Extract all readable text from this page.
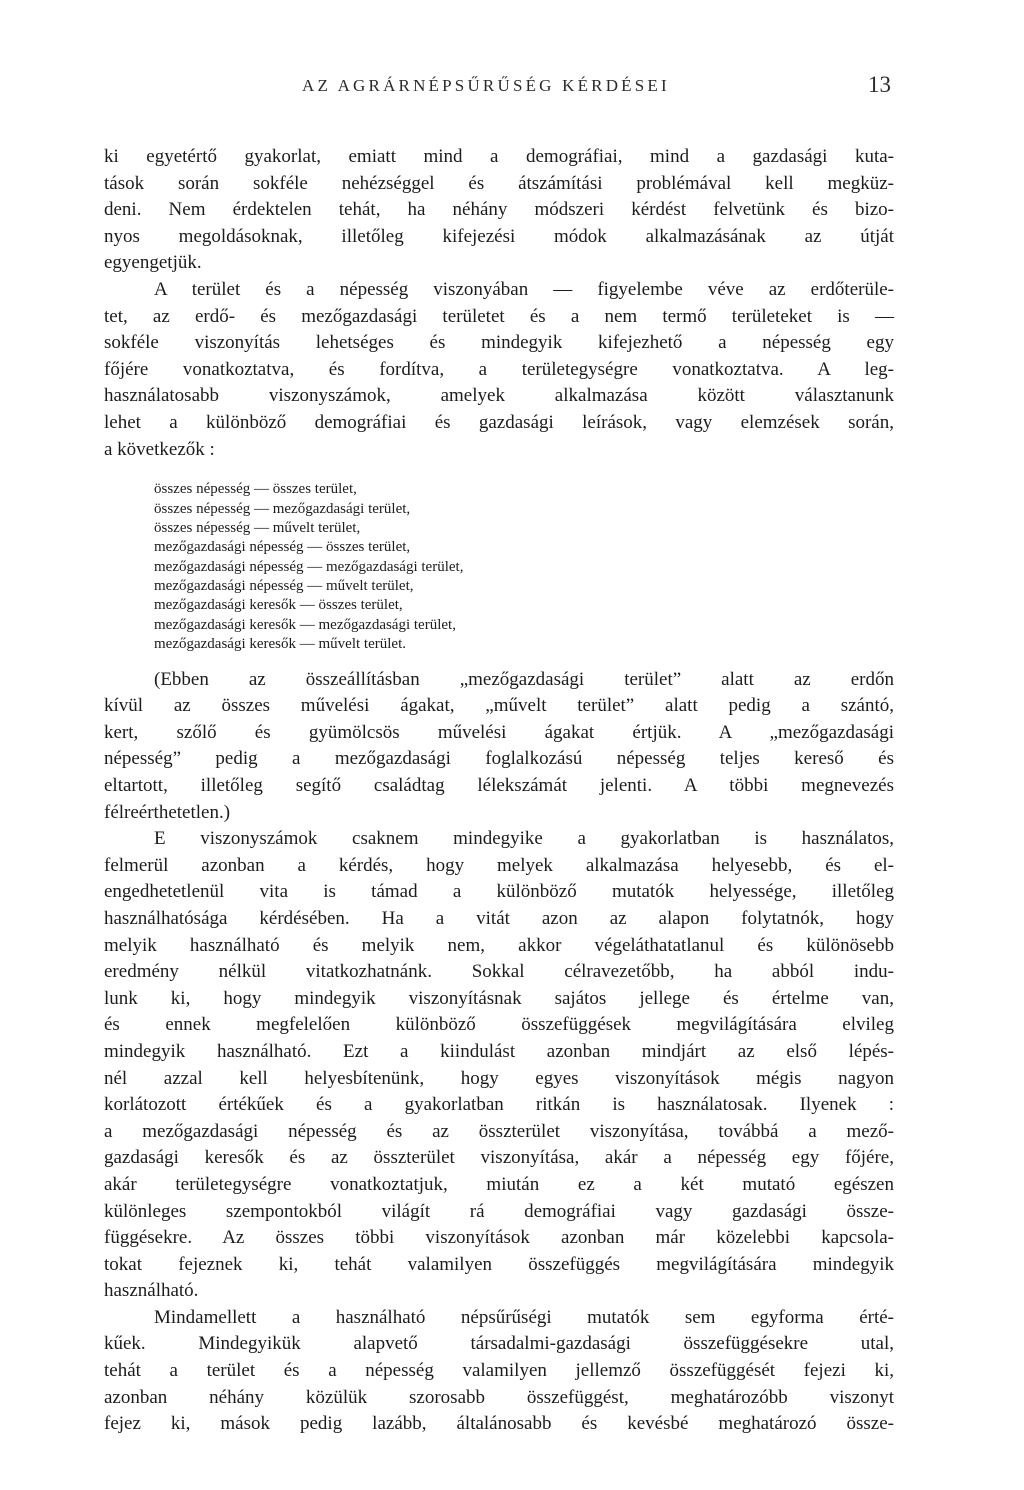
AZ AGRÁRNÉPSŰRŰSÉG KÉRDÉSEI	13
ki egyetértő gyakorlat, emiatt mind a demográfiai, mind a gazdasági kuta-
tások során sokféle nehézséggel és átszámítási problémával kell megküz-
deni. Nem érdektelen tehát, ha néhány módszeri kérdést felvetünk és bizo-
nyos megoldásoknak, illetőleg kifejezési módok alkalmazásának az útját
egyengetjük.
A terület és a népesség viszonyában — figyelembe véve az erdőterüle-
tet, az erdő- és mezőgazdasági területet és a nem termő területeket is —
sokféle viszonyítás lehetséges és mindegyik kifejezhető a népesség egy
főjére vonatkoztatva, és fordítva, a területegységre vonatkoztatva. A leg-
használatosabb viszonyszámok, amelyek alkalmazása között választanunk
lehet a különböző demográfiai és gazdasági leírások, vagy elemzések során,
a következők :
összes népesség — összes terület,
összes népesség — mezőgazdasági terület,
összes népesség — művelt terület,
mezőgazdasági népesség — összes terület,
mezőgazdasági népesség — mezőgazdasági terület,
mezőgazdasági népesség — művelt terület,
mezőgazdasági keresők — összes terület,
mezőgazdasági keresők — mezőgazdasági terület,
mezőgazdasági keresők — művelt terület.
(Ebben az összeállításban „mezőgazdasági terület” alatt az erdőn
kívül az összes művelési ágakat, „művelt terület” alatt pedig a szántó,
kert, szőlő és gyümölcsös művelési ágakat értjük. A „mezőgazdasági
népesség” pedig a mezőgazdasági foglalkozású népesség teljes kereső és
eltartott, illetőleg segítő családtag lélekszámát jelenti. A többi megnevezés
félreérthetetlen.)
E viszonyszámok csaknem mindegyike a gyakorlatban is használatos,
felmerül azonban a kérdés, hogy melyek alkalmazása helyesebb, és el-
engedhetetlenül vita is támad a különböző mutatók helyessége, illetőleg
használhatósága kérdésében. Ha a vitát azon az alapon folytatnók, hogy
melyik használható és melyik nem, akkor végeláthatatlanul és különösebb
eredmény nélkül vitatkozhatnánk. Sokkal célravezetőbb, ha abból indu-
lunk ki, hogy mindegyik viszonyításnak sajátos jellege és értelme van,
és ennek megfelelően különböző összefüggések megvilágítására elvileg
mindegyik használható. Ezt a kiindulást azonban mindjárt az első lépés-
nél azzal kell helyesbítenünk, hogy egyes viszonyítások mégis nagyon
korlátozott értékűek és a gyakorlatban ritkán is használatosak. Ilyenek :
a mezőgazdasági népesség és az összterület viszonyítása, továbbá a mező-
gazdasági keresők és az összterület viszonyítása, akár a népesség egy főjére,
akár területegységre vonatkoztatjuk, miután ez a két mutató egészen
különleges szempontokból világít rá demográfiai vagy gazdasági össze-
függésekre. Az összes többi viszonyítások azonban már közelebbi kapcsola-
tokat fejeznek ki, tehát valamilyen összefüggés megvilágítására mindegyik
használható.
Mindamellett a használható népsűrűségi mutatók sem egyforma érté-
kűek. Mindegyikük alapvető társadalmi-gazdasági összefüggésekre utal,
tehát a terület és a népesség valamilyen jellemző összefüggését fejezi ki,
azonban néhány közülük szorosabb összefüggést, meghatározóbb viszonyt
fejez ki, mások pedig lazább, általánosabb és kevésbé meghatározó össze-
